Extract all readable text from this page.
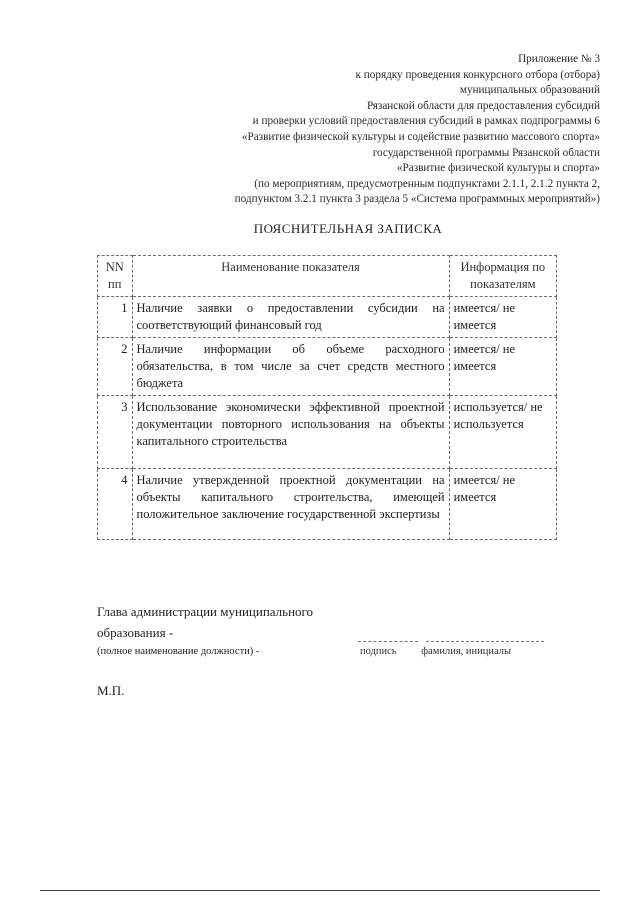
Приложение № 3
к порядку проведения конкурсного отбора (отбора)
муниципальных образований
Рязанской области для предоставления субсидий
и проверки условий предоставления субсидий в рамках подпрограммы 6
«Развитие физической культуры и содействие развитию массового спорта»
государственной программы Рязанской области
«Развитие физической культуры и спорта»
(по мероприятиям, предусмотренным подпунктами 2.1.1, 2.1.2 пункта 2,
подпунктом 3.2.1 пункта 3 раздела 5 «Система программных мероприятий»)
ПОЯСНИТЕЛЬНАЯ ЗАПИСКА
NN пп	Наименование показателя	Информация по показателям
1	Наличие заявки о предоставлении субсидии на соответствующий финансовый год	имеется/ не имеется
2	Наличие информации об объеме расходного обязательства, в том числе за счет средств местного бюджета	имеется/ не имеется
3	Использование экономически эффективной проектной документации повторного использования на объекты капитального строительства	используется/ не используется
4	Наличие утвержденной проектной документации на объекты капитального строительства, имеющей положительное заключение государственной экспертизы	имеется/ не имеется
Глава администрации муниципального
образования -
(полное наименование должности) -	подпись фамилия, инициалы
М.П.
